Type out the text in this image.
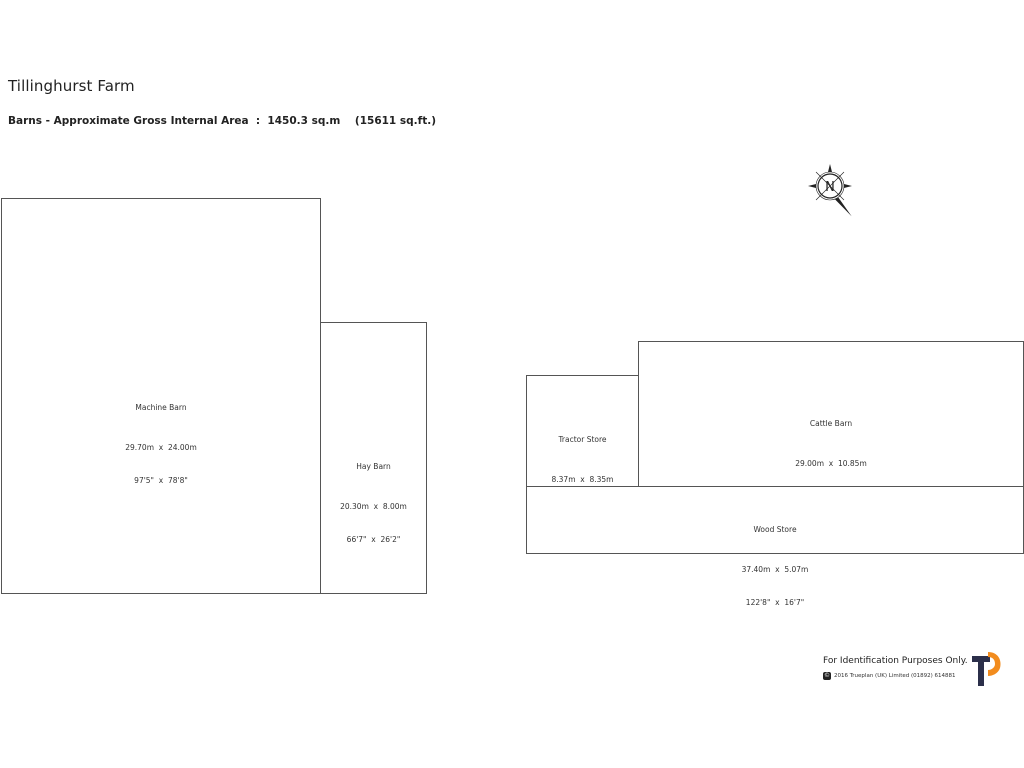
Tillinghurst Farm
Barns - Approximate Gross Internal Area  :  1450.3 sq.m    (15611 sq.ft.)
N

Machine Barn

29.70m  x  24.00m

97'5"  x  78'8"

Hay Barn

20.30m  x  8.00m

66'7"  x  26'2"

Tractor Store

8.37m  x  8.35m

Cattle Barn

29.00m  x  10.85m

Wood Store

37.40m  x  5.07m

122'8"  x  16'7"

For Identification Purposes Only.
© 2016 Trueplan (UK) Limited (01892) 614881
